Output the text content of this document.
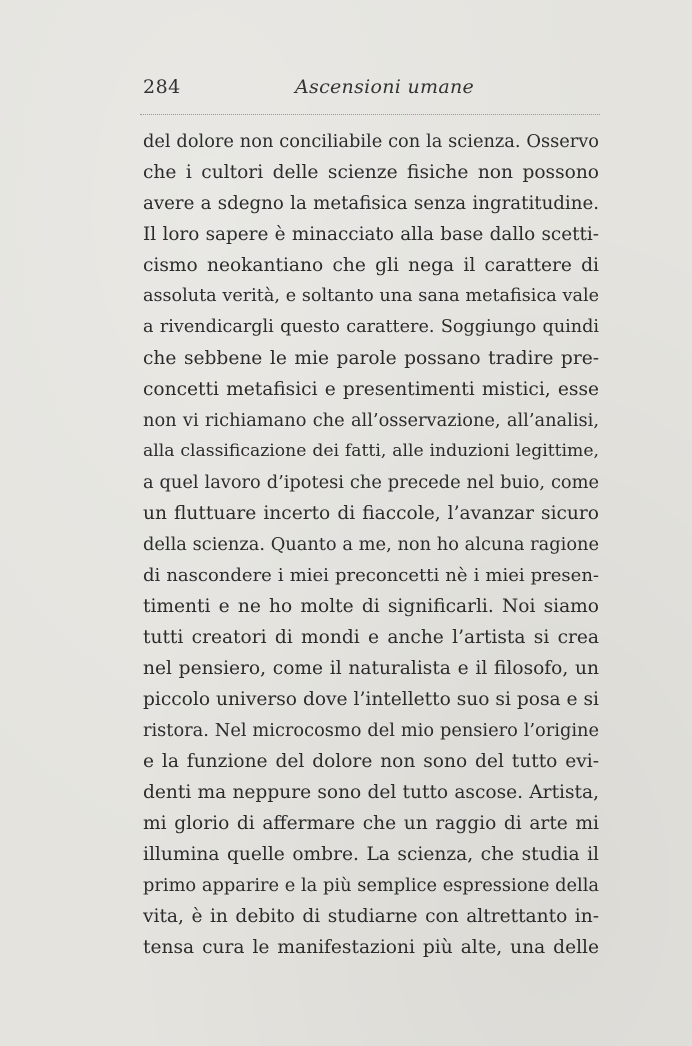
284	Ascensioni umane
del dolore non conciliabile con la scienza. Osservo
che i cultori delle scienze fisiche non possono
avere a sdegno la metafisica senza ingratitudine.
Il loro sapere è minacciato alla base dallo scetti-
cismo neokantiano che gli nega il carattere di
assoluta verità, e soltanto una sana metafisica vale
a rivendicargli questo carattere. Soggiungo quindi
che sebbene le mie parole possano tradire pre-
concetti metafisici e presentimenti mistici, esse
non vi richiamano che all’osservazione, all’analisi,
alla classificazione dei fatti, alle induzioni legittime,
a quel lavoro d’ipotesi che precede nel buio, come
un fluttuare incerto di fiaccole, l’avanzar sicuro
della scienza. Quanto a me, non ho alcuna ragione
di nascondere i miei preconcetti nè i miei presen-
timenti e ne ho molte di significarli. Noi siamo
tutti creatori di mondi e anche l’artista si crea
nel pensiero, come il naturalista e il filosofo, un
piccolo universo dove l’intelletto suo si posa e si
ristora. Nel microcosmo del mio pensiero l’origine
e la funzione del dolore non sono del tutto evi-
denti ma neppure sono del tutto ascose. Artista,
mi glorio di affermare che un raggio di arte mi
illumina quelle ombre. La scienza, che studia il
primo apparire e la più semplice espressione della
vita, è in debito di studiarne con altrettanto in-
tensa cura le manifestazioni più alte, una delle
